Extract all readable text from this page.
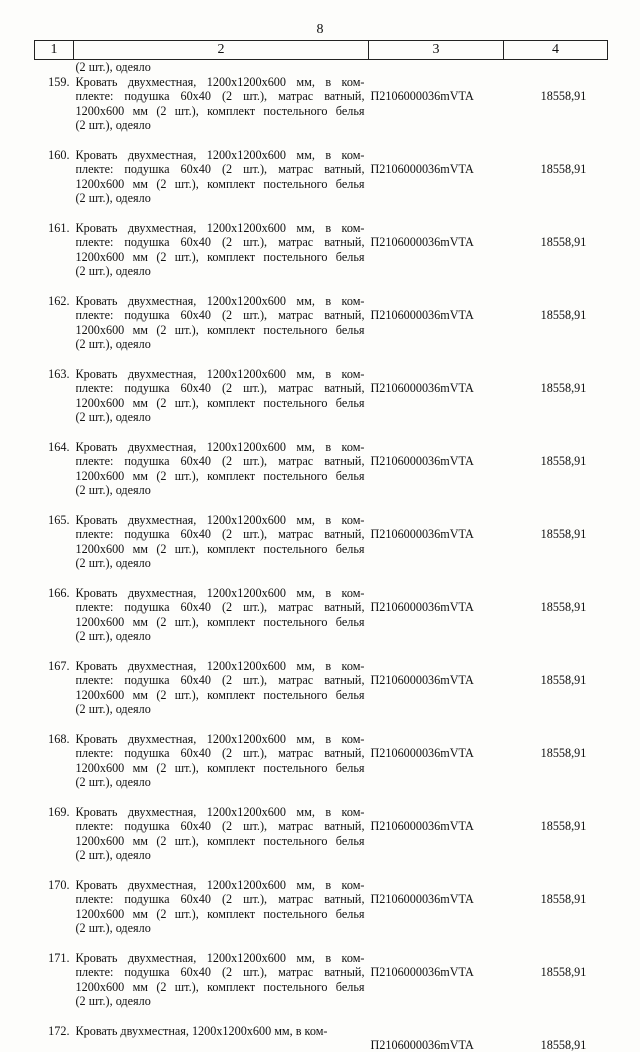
8
1	2	3	4
	(2 шт.), одеяло		
159.	Кровать двухместная, 1200x1200x600 мм, в ком-
плекте: подушка 60x40 (2 шт.), матрас ватный,
1200x600 мм (2 шт.), комплект постельного белья
(2 шт.), одеяло	П2106000036mVTA	18558,91
160.	Кровать двухместная, 1200x1200x600 мм, в ком-
плекте: подушка 60x40 (2 шт.), матрас ватный,
1200x600 мм (2 шт.), комплект постельного белья
(2 шт.), одеяло	П2106000036mVTA	18558,91
161.	Кровать двухместная, 1200x1200x600 мм, в ком-
плекте: подушка 60x40 (2 шт.), матрас ватный,
1200x600 мм (2 шт.), комплект постельного белья
(2 шт.), одеяло	П2106000036mVTA	18558,91
162.	Кровать двухместная, 1200x1200x600 мм, в ком-
плекте: подушка 60x40 (2 шт.), матрас ватный,
1200x600 мм (2 шт.), комплект постельного белья
(2 шт.), одеяло	П2106000036mVTA	18558,91
163.	Кровать двухместная, 1200x1200x600 мм, в ком-
плекте: подушка 60x40 (2 шт.), матрас ватный,
1200x600 мм (2 шт.), комплект постельного белья
(2 шт.), одеяло	П2106000036mVTA	18558,91
164.	Кровать двухместная, 1200x1200x600 мм, в ком-
плекте: подушка 60x40 (2 шт.), матрас ватный,
1200x600 мм (2 шт.), комплект постельного белья
(2 шт.), одеяло	П2106000036mVTA	18558,91
165.	Кровать двухместная, 1200x1200x600 мм, в ком-
плекте: подушка 60x40 (2 шт.), матрас ватный,
1200x600 мм (2 шт.), комплект постельного белья
(2 шт.), одеяло	П2106000036mVTA	18558,91
166.	Кровать двухместная, 1200x1200x600 мм, в ком-
плекте: подушка 60x40 (2 шт.), матрас ватный,
1200x600 мм (2 шт.), комплект постельного белья
(2 шт.), одеяло	П2106000036mVTA	18558,91
167.	Кровать двухместная, 1200x1200x600 мм, в ком-
плекте: подушка 60x40 (2 шт.), матрас ватный,
1200x600 мм (2 шт.), комплект постельного белья
(2 шт.), одеяло	П2106000036mVTA	18558,91
168.	Кровать двухместная, 1200x1200x600 мм, в ком-
плекте: подушка 60x40 (2 шт.), матрас ватный,
1200x600 мм (2 шт.), комплект постельного белья
(2 шт.), одеяло	П2106000036mVTA	18558,91
169.	Кровать двухместная, 1200x1200x600 мм, в ком-
плекте: подушка 60x40 (2 шт.), матрас ватный,
1200x600 мм (2 шт.), комплект постельного белья
(2 шт.), одеяло	П2106000036mVTA	18558,91
170.	Кровать двухместная, 1200x1200x600 мм, в ком-
плекте: подушка 60x40 (2 шт.), матрас ватный,
1200x600 мм (2 шт.), комплект постельного белья
(2 шт.), одеяло	П2106000036mVTA	18558,91
171.	Кровать двухместная, 1200x1200x600 мм, в ком-
плекте: подушка 60x40 (2 шт.), матрас ватный,
1200x600 мм (2 шт.), комплект постельного белья
(2 шт.), одеяло	П2106000036mVTA	18558,91
172.	Кровать двухместная, 1200x1200x600 мм, в ком-	П2106000036mVTA	18558,91
